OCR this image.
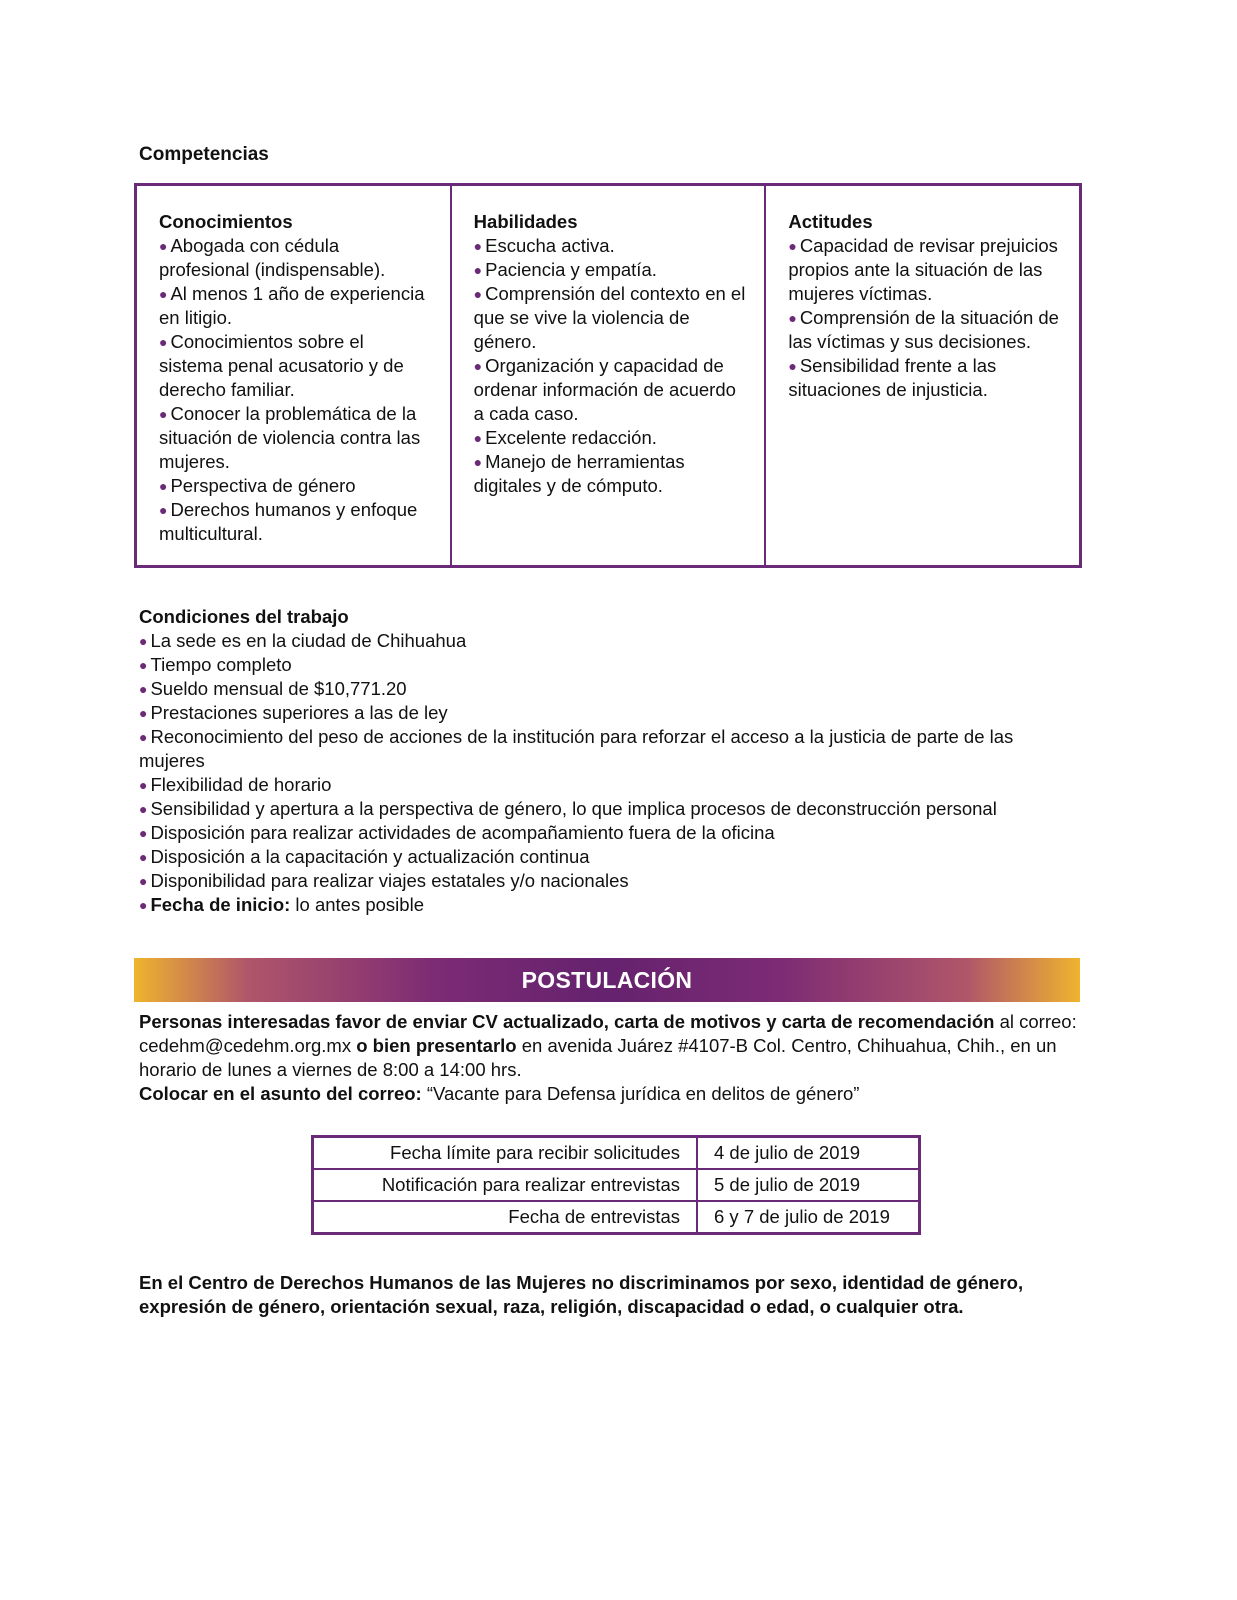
Competencias
Conocimientos
● Abogada con cédula profesional (indispensable).
● Al menos 1 año de experiencia en litigio.
● Conocimientos sobre el sistema penal acusatorio y de derecho familiar.
● Conocer la problemática de la situación de violencia contra las mujeres.
● Perspectiva de género
● Derechos humanos y enfoque multicultural.
Habilidades
● Escucha activa.
● Paciencia y empatía.
● Comprensión del contexto en el que se vive la violencia de género.
● Organización y capacidad de ordenar información de acuerdo a cada caso.
● Excelente redacción.
● Manejo de herramientas digitales y de cómputo.
Actitudes
● Capacidad de revisar prejuicios propios ante la situación de las mujeres víctimas.
● Comprensión de la situación de las víctimas y sus decisiones.
● Sensibilidad frente a las situaciones de injusticia.
Condiciones del trabajo
● La sede es en la ciudad de Chihuahua
● Tiempo completo
● Sueldo mensual de $10,771.20
● Prestaciones superiores a las de ley
● Reconocimiento del peso de acciones de la institución para reforzar el acceso a la justicia de parte de las mujeres
● Flexibilidad de horario
● Sensibilidad y apertura a la perspectiva de género, lo que implica procesos de deconstrucción personal
● Disposición para realizar actividades de acompañamiento fuera de la oficina
● Disposición a la capacitación y actualización continua
● Disponibilidad para realizar viajes estatales y/o nacionales
● Fecha de inicio: lo antes posible
POSTULACIÓN
Personas interesadas favor de enviar CV actualizado, carta de motivos y carta de recomendación al correo: cedehm@cedehm.org.mx o bien presentarlo en avenida Juárez #4107-B Col. Centro, Chihuahua, Chih., en un horario de lunes a viernes de 8:00 a 14:00 hrs.
Colocar en el asunto del correo: “Vacante para Defensa jurídica en delitos de género”
Fecha límite para recibir solicitudes	4 de julio de 2019
Notificación para realizar entrevistas	5 de julio de 2019
Fecha de entrevistas	6 y 7 de julio de 2019
En el Centro de Derechos Humanos de las Mujeres no discriminamos por sexo, identidad de género, expresión de género, orientación sexual, raza, religión, discapacidad o edad, o cualquier otra.
